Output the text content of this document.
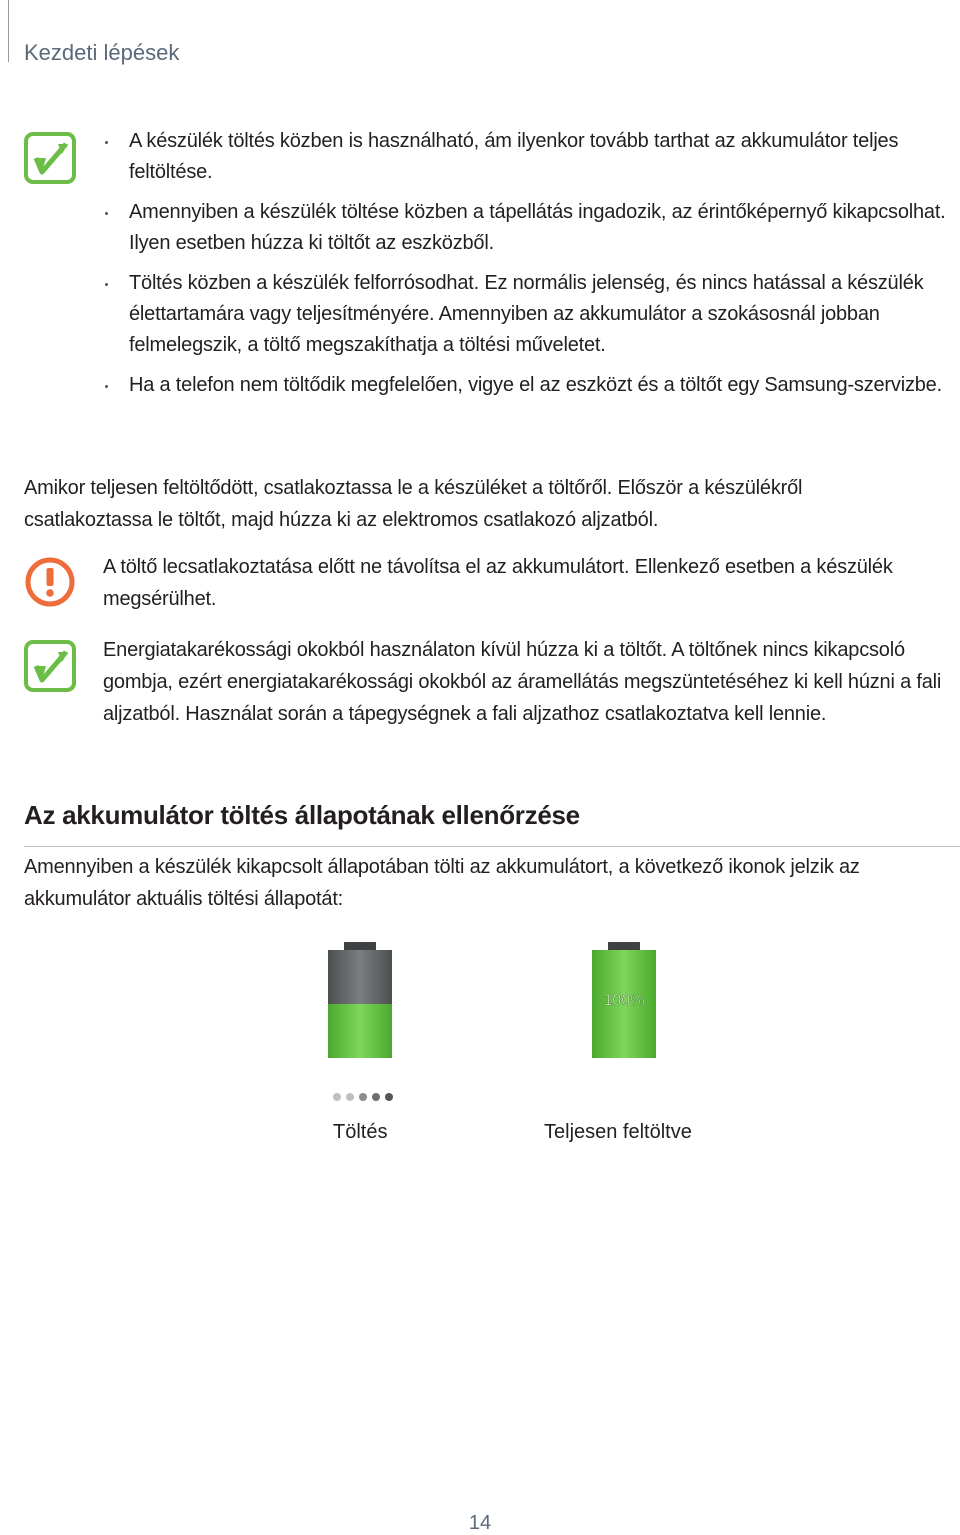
Kezdeti lépések
A készülék töltés közben is használható, ám ilyenkor tovább tarthat az akkumulátor teljes feltöltése.
Amennyiben a készülék töltése közben a tápellátás ingadozik, az érintőképernyő kikapcsolhat. Ilyen esetben húzza ki töltőt az eszközből.
Töltés közben a készülék felforrósodhat. Ez normális jelenség, és nincs hatással a készülék élettartamára vagy teljesítményére. Amennyiben az akkumulátor a szokásosnál jobban felmelegszik, a töltő megszakíthatja a töltési műveletet.
Ha a telefon nem töltődik megfelelően, vigye el az eszközt és a töltőt egy Samsung-szervizbe.
Amikor teljesen feltöltődött, csatlakoztassa le a készüléket a töltőről. Először a készülékről csatlakoztassa le töltőt, majd húzza ki az elektromos csatlakozó aljzatból.
A töltő lecsatlakoztatása előtt ne távolítsa el az akkumulátort. Ellenkező esetben a készülék megsérülhet.
Energiatakarékossági okokból használaton kívül húzza ki a töltőt. A töltőnek nincs kikapcsoló gombja, ezért energiatakarékossági okokból az áramellátás megszüntetéséhez ki kell húzni a fali aljzatból. Használat során a tápegységnek a fali aljzathoz csatlakoztatva kell lennie.
Az akkumulátor töltés állapotának ellenőrzése
Amennyiben a készülék kikapcsolt állapotában tölti az akkumulátort, a következő ikonok jelzik az akkumulátor aktuális töltési állapotát:
100%
Töltés	Teljesen feltöltve
14
